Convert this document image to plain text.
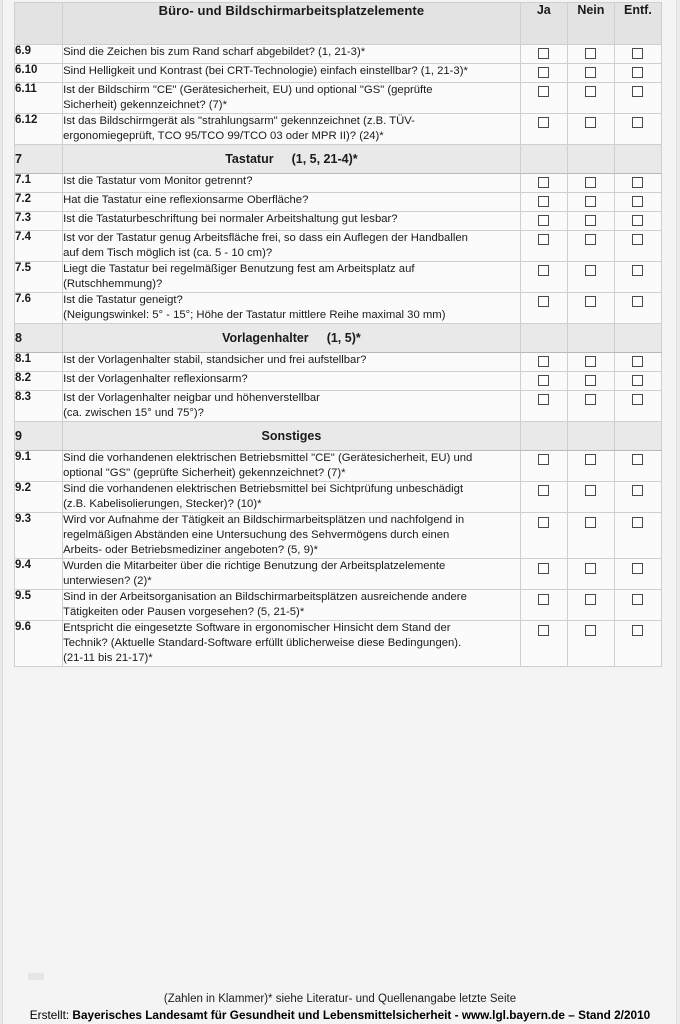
	Büro- und Bildschirmarbeitsplatzelemente	Ja	Nein	Entf.
6.9	Sind die Zeichen bis zum Rand scharf abgebildet? (1, 21-3)*			

6.10	Sind Helligkeit und Kontrast (bei CRT-Technologie) einfach einstellbar? (1, 21-3)*			

6.11	Ist der Bildschirm "CE" (Gerätesicherheit, EU) und optional "GS" (geprüfte
Sicherheit) gekennzeichnet? (7)*			

6.12	Ist das Bildschirmgerät als "strahlungsarm" gekennzeichnet (z.B. TÜV-
ergonomiegeprüft, TCO 95/TCO 99/TCO 03 oder MPR II)? (24)*			

7	Tastatur (1, 5, 21-4)*			
7.1	Ist die Tastatur vom Monitor getrennt?			

7.2	Hat die Tastatur eine reflexionsarme Oberfläche?			

7.3	Ist die Tastaturbeschriftung bei normaler Arbeitshaltung gut lesbar?			

7.4	Ist vor der Tastatur genug Arbeitsfläche frei, so dass ein Auflegen der Handballen
auf dem Tisch möglich ist (ca. 5 - 10 cm)?			

7.5	Liegt die Tastatur bei regelmäßiger Benutzung fest am Arbeitsplatz auf
(Rutschhemmung)?			

7.6	Ist die Tastatur geneigt?
(Neigungswinkel: 5° - 15°; Höhe der Tastatur mittlere Reihe maximal 30 mm)			

8	Vorlagenhalter (1, 5)*			
8.1	Ist der Vorlagenhalter stabil, standsicher und frei aufstellbar?			

8.2	Ist der Vorlagenhalter reflexionsarm?			

8.3	Ist der Vorlagenhalter neigbar und höhenverstellbar
(ca. zwischen 15° und 75°)?			

9	Sonstiges			
9.1	Sind die vorhandenen elektrischen Betriebsmittel "CE" (Gerätesicherheit, EU) und
optional "GS" (geprüfte Sicherheit) gekennzeichnet? (7)*			

9.2	Sind die vorhandenen elektrischen Betriebsmittel bei Sichtprüfung unbeschädigt
(z.B. Kabelisolierungen, Stecker)? (10)*			

9.3	Wird vor Aufnahme der Tätigkeit an Bildschirmarbeitsplätzen und nachfolgend in
regelmäßigen Abständen eine Untersuchung des Sehvermögens durch einen
Arbeits- oder Betriebsmediziner angeboten? (5, 9)*			

9.4	Wurden die Mitarbeiter über die richtige Benutzung der Arbeitsplatzelemente
unterwiesen? (2)*			

9.5	Sind in der Arbeitsorganisation an Bildschirmarbeitsplätzen ausreichende andere
Tätigkeiten oder Pausen vorgesehen? (5, 21-5)*			

9.6	Entspricht die eingesetzte Software in ergonomischer Hinsicht dem Stand der
Technik? (Aktuelle Standard-Software erfüllt üblicherweise diese Bedingungen).
(21-11 bis 21-17)*			

(Zahlen in Klammer)* siehe Literatur- und Quellenangabe letzte Seite
Erstellt: Bayerisches Landesamt für Gesundheit und Lebensmittelsicherheit - www.lgl.bayern.de – Stand 2/2010
